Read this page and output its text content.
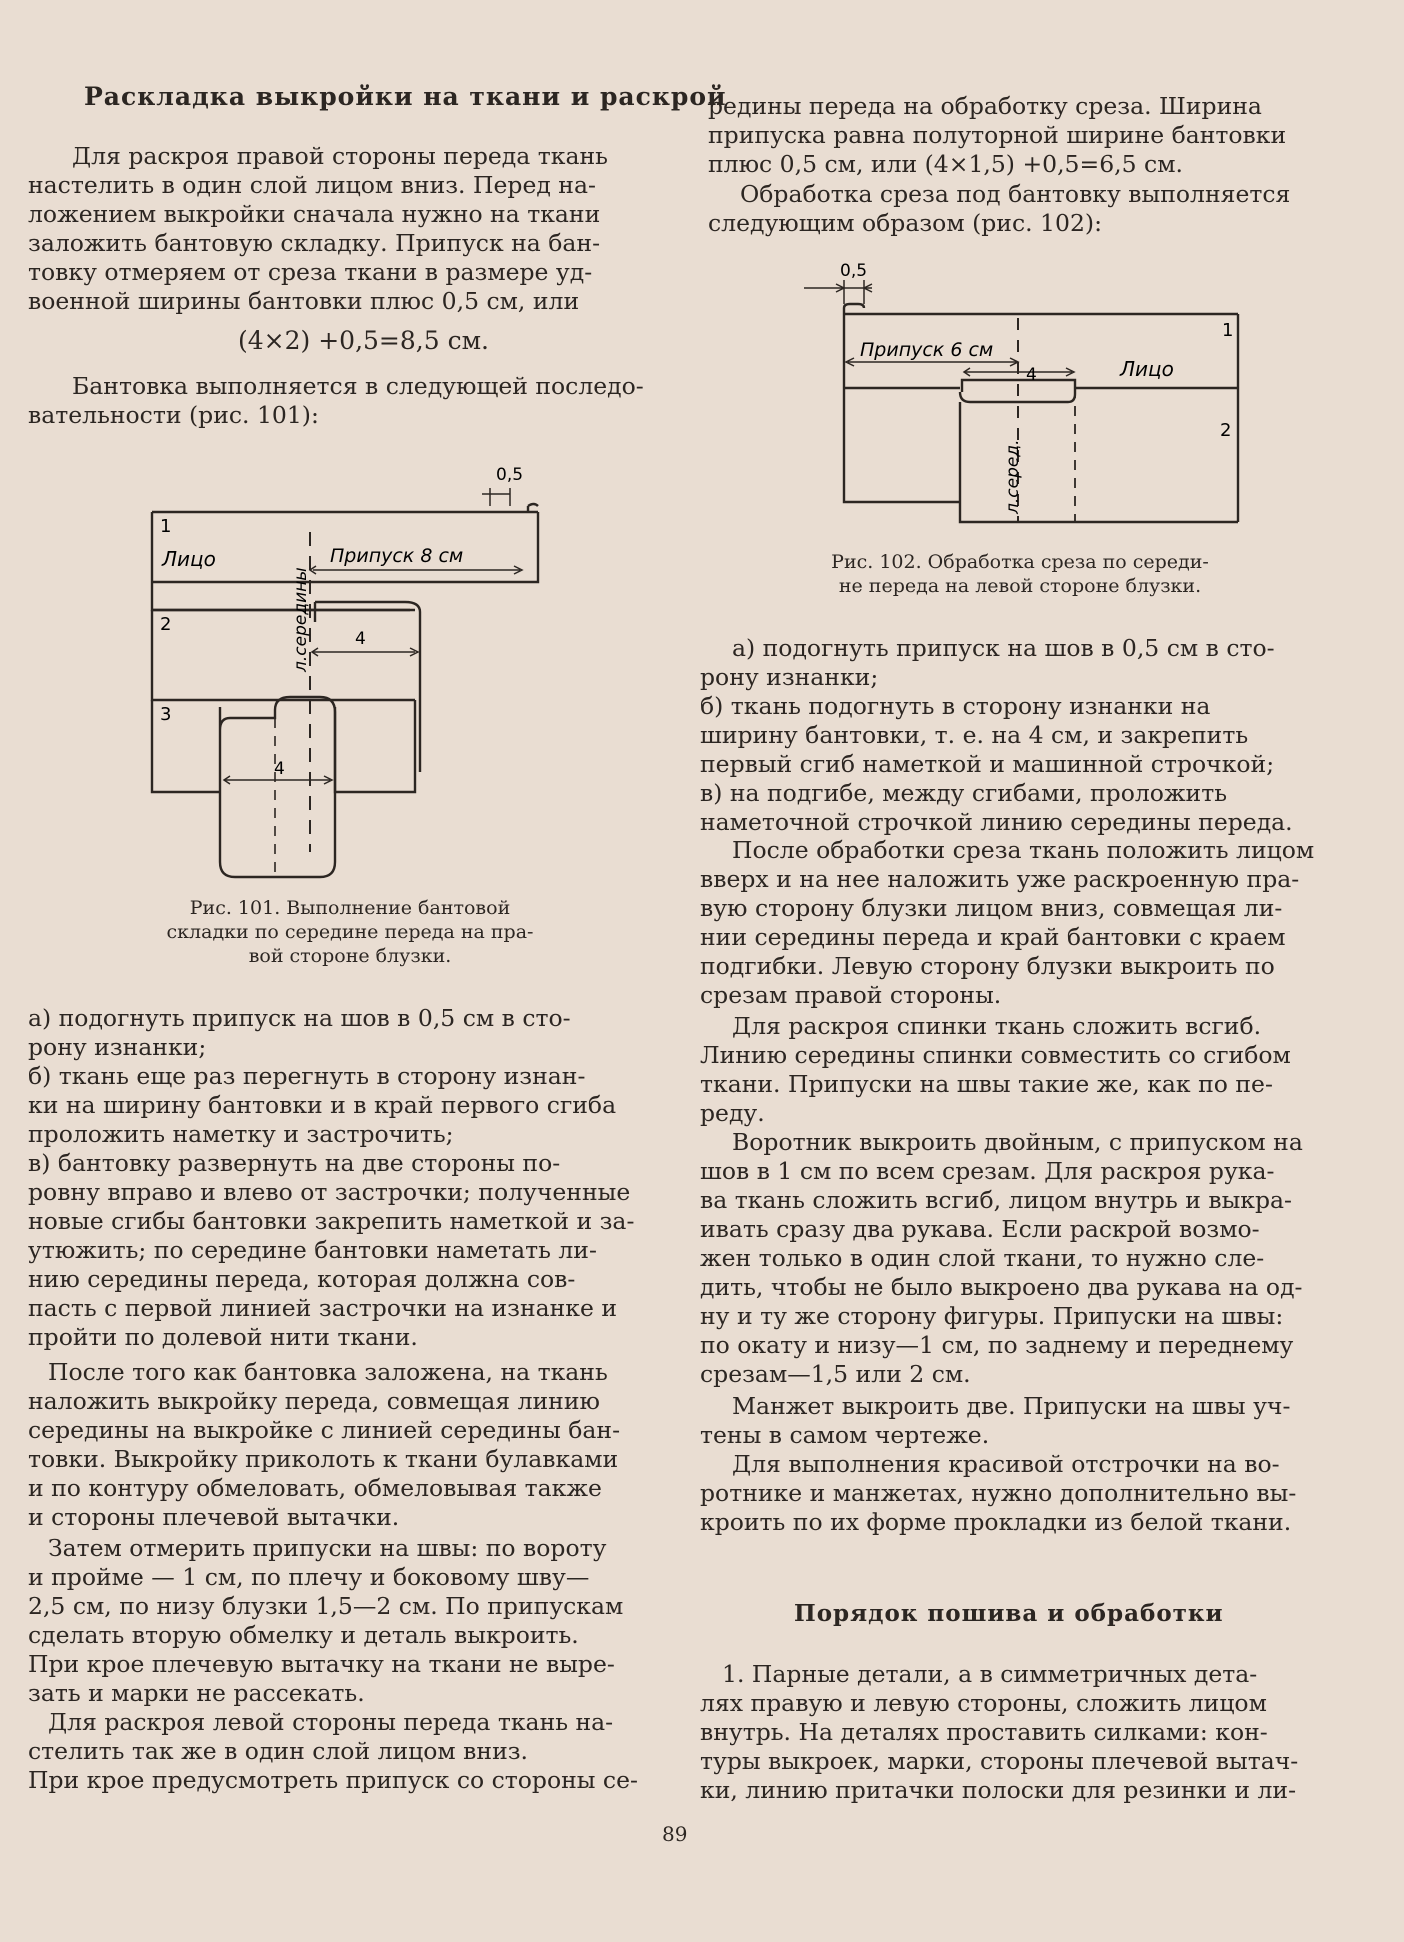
Раскладка выкройки на ткани и раскрой
Для раскроя правой стороны переда ткань
настелить в один слой лицом вниз. Перед на-
ложением выкройки сначала нужно на ткани
заложить бантовую складку. Припуск на бан-
товку отмеряем от среза ткани в размере уд-
военной ширины бантовки плюс 0,5 см, или
(4×2) +0,5=8,5 см.
Бантовка выполняется в следующей последо-
вательности (рис. 101):
0,5
1
Лицо	Припуск 8 см
2
3
л.середины	4
4
Рис. 101. Выполнение бантовой
складки по середине переда на пра-
вой стороне блузки.
а) подогнуть припуск на шов в 0,5 см в сто-
рону изнанки;
б) ткань еще раз перегнуть в сторону изнан-
ки на ширину бантовки и в край первого сгиба
проложить наметку и застрочить;
в) бантовку развернуть на две стороны по-
ровну вправо и влево от застрочки; полученные
новые сгибы бантовки закрепить наметкой и за-
утюжить; по середине бантовки наметать ли-
нию середины переда, которая должна сов-
пасть с первой линией застрочки на изнанке и
пройти по долевой нити ткани.
После того как бантовка заложена, на ткань
наложить выкройку переда, совмещая линию
середины на выкройке с линией середины бан-
товки. Выкройку приколоть к ткани булавками
и по контуру обмеловать, обмеловывая также
и стороны плечевой вытачки.
Затем отмерить припуски на швы: по вороту
и пройме — 1 см, по плечу и боковому шву—
2,5 см, по низу блузки 1,5—2 см. По припускам
сделать вторую обмелку и деталь выкроить.
При крое плечевую вытачку на ткани не выре-
зать и марки не рассекать.
Для раскроя левой стороны переда ткань на-
стелить так же в один слой лицом вниз.
При крое предусмотреть припуск со стороны се-
редины переда на обработку среза. Ширина
припуска равна полуторной ширине бантовки
плюс 0,5 см, или (4×1,5) +0,5=6,5 см.
Обработка среза под бантовку выполняется
следующим образом (рис. 102):
0,5
Припуск 6 см
4
1
Лицо
2
л.серед.
Рис. 102. Обработка среза по середи-
не переда на левой стороне блузки.
а) подогнуть припуск на шов в 0,5 см в сто-
рону изнанки;
б) ткань подогнуть в сторону изнанки на
ширину бантовки, т. е. на 4 см, и закрепить
первый сгиб наметкой и машинной строчкой;
в) на подгибе, между сгибами, проложить
наметочной строчкой линию середины переда.
После обработки среза ткань положить лицом
вверх и на нее наложить уже раскроенную пра-
вую сторону блузки лицом вниз, совмещая ли-
нии середины переда и край бантовки с краем
подгибки. Левую сторону блузки выкроить по
срезам правой стороны.
Для раскроя спинки ткань сложить всгиб.
Линию середины спинки совместить со сгибом
ткани. Припуски на швы такие же, как по пе-
реду.
Воротник выкроить двойным, с припуском на
шов в 1 см по всем срезам. Для раскроя рука-
ва ткань сложить всгиб, лицом внутрь и выкра-
ивать сразу два рукава. Если раскрой возмо-
жен только в один слой ткани, то нужно сле-
дить, чтобы не было выкроено два рукава на од-
ну и ту же сторону фигуры. Припуски на швы:
по окату и низу—1 см, по заднему и переднему
срезам—1,5 или 2 см.
Манжет выкроить две. Припуски на швы уч-
тены в самом чертеже.
Для выполнения красивой отстрочки на во-
ротнике и манжетах, нужно дополнительно вы-
кроить по их форме прокладки из белой ткани.
Порядок пошива и обработки
1. Парные детали, а в симметричных дета-
лях правую и левую стороны, сложить лицом
внутрь. На деталях проставить силками: кон-
туры выкроек, марки, стороны плечевой вытач-
ки, линию притачки полоски для резинки и ли-
89
